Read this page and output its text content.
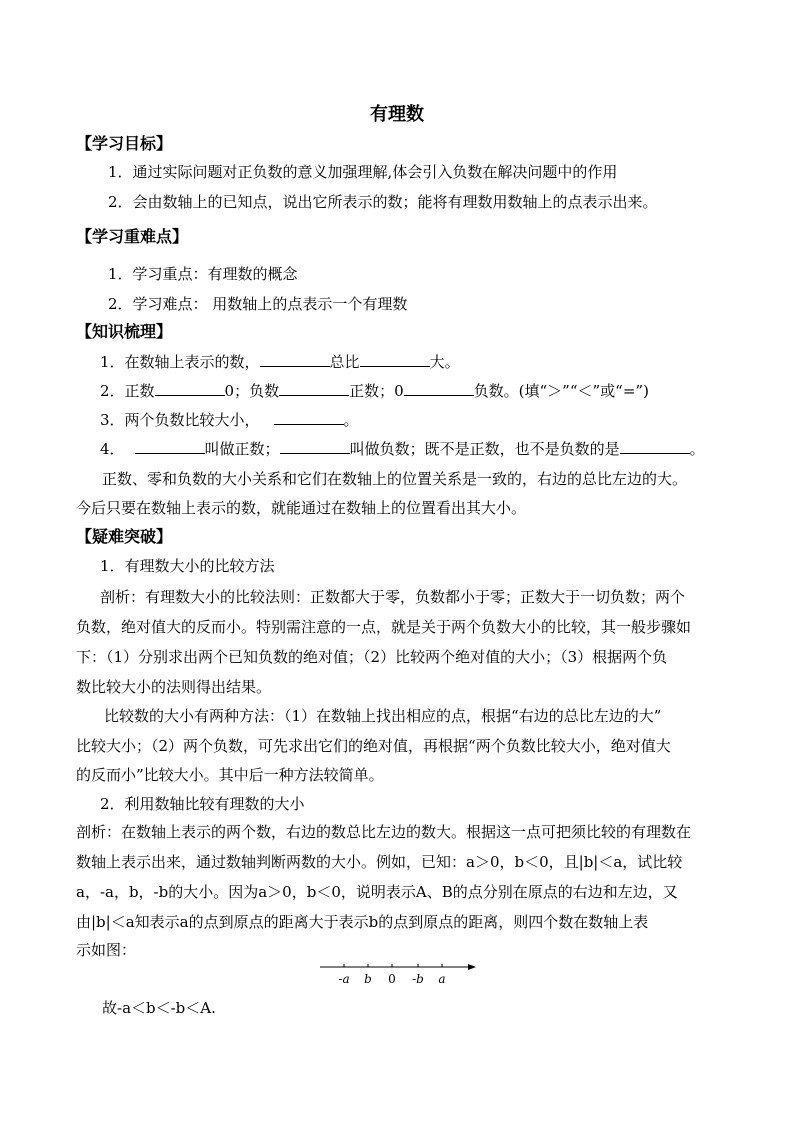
有理数
【学习目标】
1．通过实际问题对正负数的意义加强理解,体会引入负数在解决问题中的作用
2．会由数轴上的已知点，说出它所表示的数；能将有理数用数轴上的点表示出来。
【学习重难点】
1．学习重点：有理数的概念
2．学习难点： 用数轴上的点表示一个有理数
【知识梳理】
1．在数轴上表示的数，	总比	大。
2．正数	0；负数	正数；0	负数。(填“＞”“＜”或“=”)
3．两个负数比较大小，	。
4．	叫做正数；	叫做负数；既不是正数，也不是负数的是	。
正数、零和负数的大小关系和它们在数轴上的位置关系是一致的，右边的总比左边的大。
今后只要在数轴上表示的数，就能通过在数轴上的位置看出其大小。
【疑难突破】
1．有理数大小的比较方法
剖析：有理数大小的比较法则：正数都大于零，负数都小于零；正数大于一切负数；两个
负数，绝对值大的反而小。特别需注意的一点，就是关于两个负数大小的比较，其一般步骤如
下：（1）分别求出两个已知负数的绝对值；（2）比较两个绝对值的大小；（3）根据两个负
数比较大小的法则得出结果。
比较数的大小有两种方法：（1）在数轴上找出相应的点，根据“右边的总比左边的大”
比较大小；（2）两个负数，可先求出它们的绝对值，再根据“两个负数比较大小，绝对值大
的反而小”比较大小。其中后一种方法较简单。
2．利用数轴比较有理数的大小
剖析：在数轴上表示的两个数，右边的数总比左边的数大。根据这一点可把须比较的有理数在
数轴上表示出来，通过数轴判断两数的大小。例如，已知：a＞0，b＜0，且|b|＜a，试比较
a，-a，b，-b的大小。因为a＞0，b＜0，说明表示A、B的点分别在原点的右边和左边，又
由|b|＜a知表示a的点到原点的距离大于表示b的点到原点的距离，则四个数在数轴上表
示如图：
-a b 0 -b a
故-a＜b＜-b＜A.
